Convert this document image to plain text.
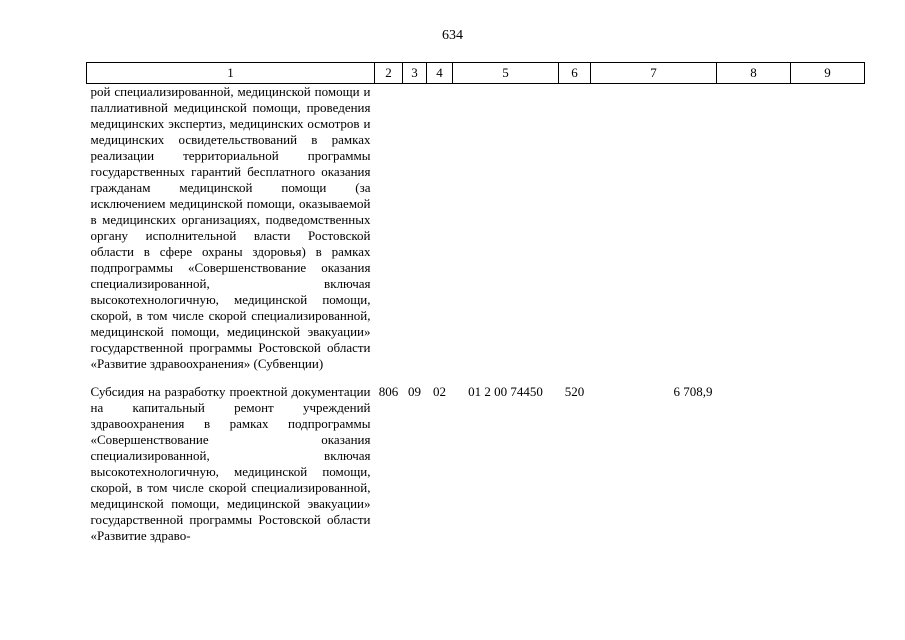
634
1	2	3	4	5	6	7	8	9
рой специализированной, медицинской помощи и паллиативной медицинской помощи, проведения медицинских экспертиз, медицинских осмотров и медицинских освидетельствований в рамках реализации территориальной программы государственных гарантий бесплатного оказания гражданам медицинской помощи (за исключением медицинской помощи, оказываемой в медицинских организациях, подведомственных органу исполнительной власти Ростовской области в сфере охраны здоровья) в рамках подпрограммы «Совершенствование оказания специализированной, включая высокотехнологичную, медицинской помощи, скорой, в том числе скорой специализированной, медицинской помощи, медицинской эвакуации» государственной программы Ростовской области «Развитие здравоохранения» (Субвенции)								
Субсидия на разработку проектной документации на капитальный ремонт учреждений здравоохранения в рамках подпрограммы «Совершенствование оказания специализированной, включая высокотехнологичную, медицинской помощи, скорой, в том числе скорой специализированной, медицинской помощи, медицинской эвакуации» государственной программы Ростовской области «Развитие здраво-	806	09	02	01 2 00 74450	520	6 708,9		
